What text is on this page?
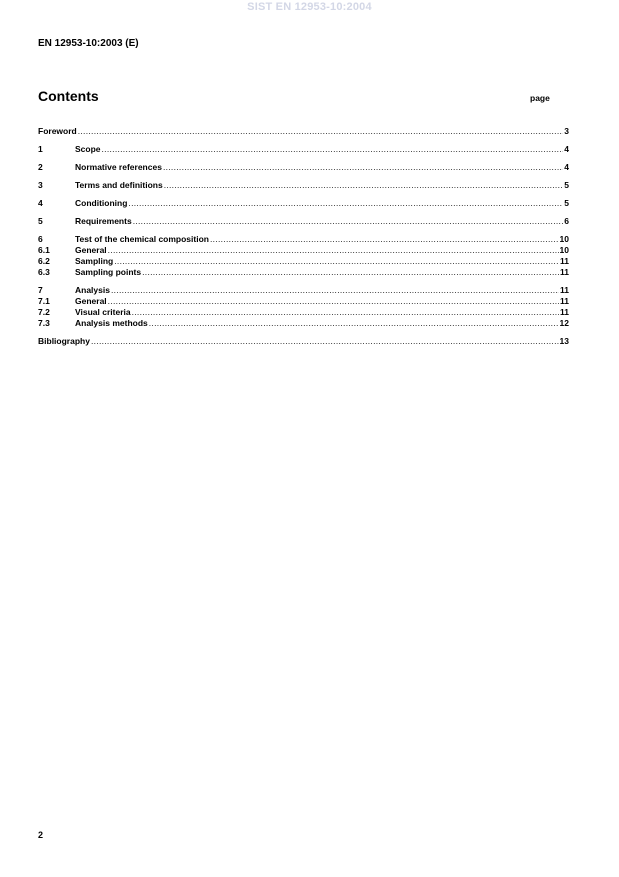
SIST EN 12953-10:2004
EN 12953-10:2003 (E)
Contents	page
Foreword .....	3
1	Scope .....	4
2	Normative references .....	4
3	Terms and definitions .....	5
4	Conditioning .....	5
5	Requirements .....	6
6	Test of the chemical composition .....	10
6.1	General .....	10
6.2	Sampling .....	11
6.3	Sampling points .....	11
7	Analysis .....	11
7.1	General .....	11
7.2	Visual criteria .....	11
7.3	Analysis methods .....	12
Bibliography .....	13
2
